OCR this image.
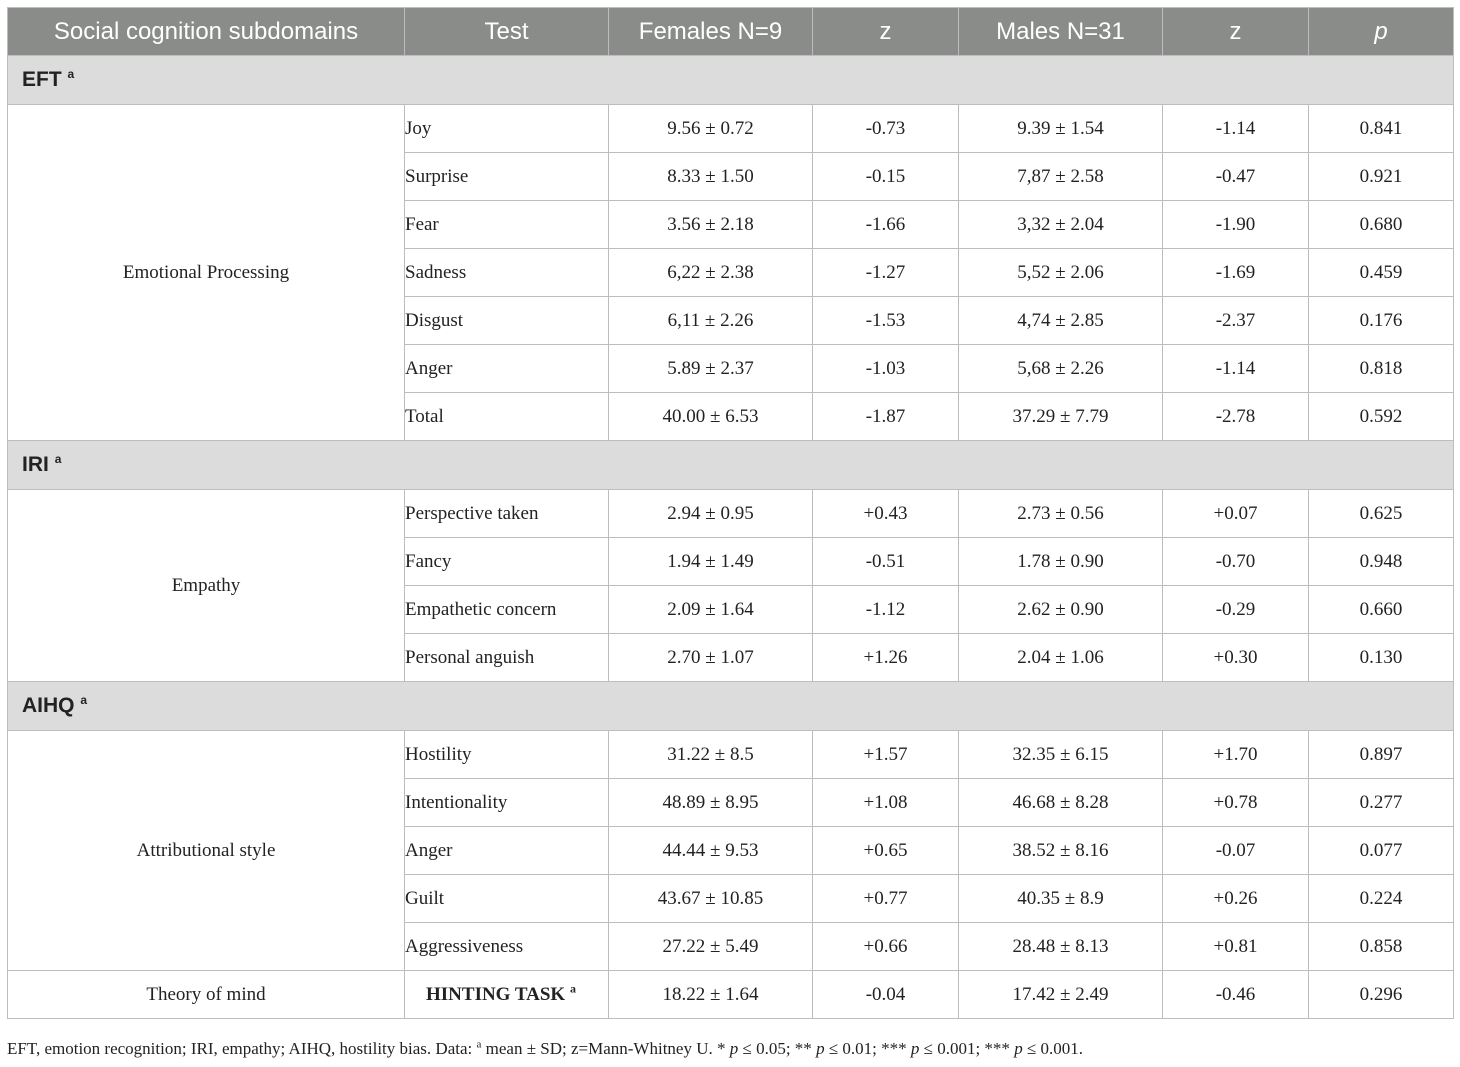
Social cognition subdomains	Test	Females N=9	z	Males N=31	z	p
EFT $^a$
Emotional Processing	Joy	9.56 ± 0.72	-0.73	9.39 ± 1.54	-1.14	0.841
	Surprise	8.33 ± 1.50	-0.15	7,87 ± 2.58	-0.47	0.921
	Fear	3.56 ± 2.18	-1.66	3,32 ± 2.04	-1.90	0.680
	Sadness	6,22 ± 2.38	-1.27	5,52 ± 2.06	-1.69	0.459
	Disgust	6,11 ± 2.26	-1.53	4,74 ± 2.85	-2.37	0.176
	Anger	5.89 ± 2.37	-1.03	5,68 ± 2.26	-1.14	0.818
	Total	40.00 ± 6.53	-1.87	37.29 ± 7.79	-2.78	0.592
IRI $^a$
Empathy	Perspective taken	2.94 ± 0.95	+0.43	2.73 ± 0.56	+0.07	0.625
	Fancy	1.94 ± 1.49	-0.51	1.78 ± 0.90	-0.70	0.948
	Empathetic concern	2.09 ± 1.64	-1.12	2.62 ± 0.90	-0.29	0.660
	Personal anguish	2.70 ± 1.07	+1.26	2.04 ± 1.06	+0.30	0.130
AIHQ $^a$
Attributional style	Hostility	31.22 ± 8.5	+1.57	32.35 ± 6.15	+1.70	0.897
	Intentionality	48.89 ± 8.95	+1.08	46.68 ± 8.28	+0.78	0.277
	Anger	44.44 ± 9.53	+0.65	38.52 ± 8.16	-0.07	0.077
	Guilt	43.67 ± 10.85	+0.77	40.35 ± 8.9	+0.26	0.224
	Aggressiveness	27.22 ± 5.49	+0.66	28.48 ± 8.13	+0.81	0.858
Theory of mind	HINTING TASK $^a$	18.22 ± 1.64	-0.04	17.42 ± 2.49	-0.46	0.296
EFT, emotion recognition; IRI, empathy; AIHQ, hostility bias. Data: $^a$ mean ± SD; z=Mann-Whitney U. * p ≤ 0.05; ** p ≤ 0.01; *** p ≤ 0.001; *** p ≤ 0.001.
